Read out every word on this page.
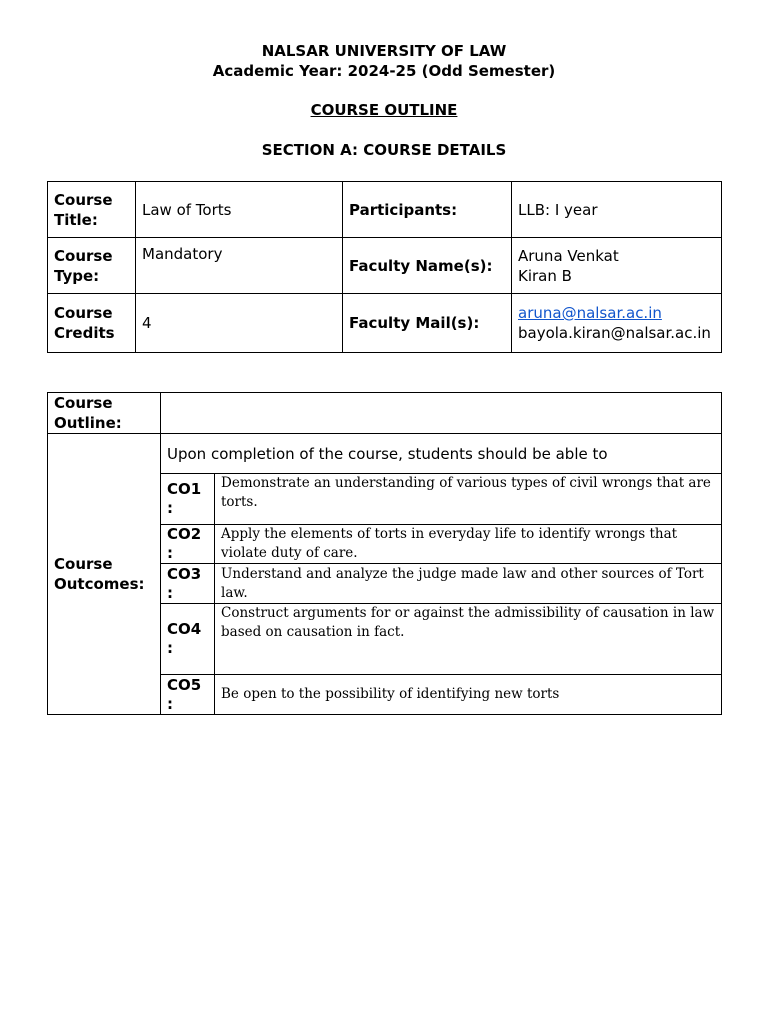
NALSAR UNIVERSITY OF LAW
Academic Year: 2024-25 (Odd Semester)
COURSE OUTLINE
SECTION A: COURSE DETAILS
Course Title:	Law of Torts	Participants:	LLB: I year
Course Type:	Mandatory	Faculty Name(s):	Aruna Venkat
Kiran B

Course Credits	4	Faculty Mail(s):	aruna@nalsar.ac.in
bayola.kiran@nalsar.ac.in
Course Outline:		
Course Outcomes:	Upon completion of the course, students should be able to	
	CO1 :	Demonstrate an understanding of various types of civil wrongs that are torts.
	CO2 :	Apply the elements of torts in everyday life to identify wrongs that violate duty of care.
	CO3 :	Understand and analyze the judge made law and other sources of Tort law.
	CO4 :	Construct arguments for or against the admissibility of causation in law based on causation in fact.
	CO5 :	Be open to the possibility of identifying new torts
